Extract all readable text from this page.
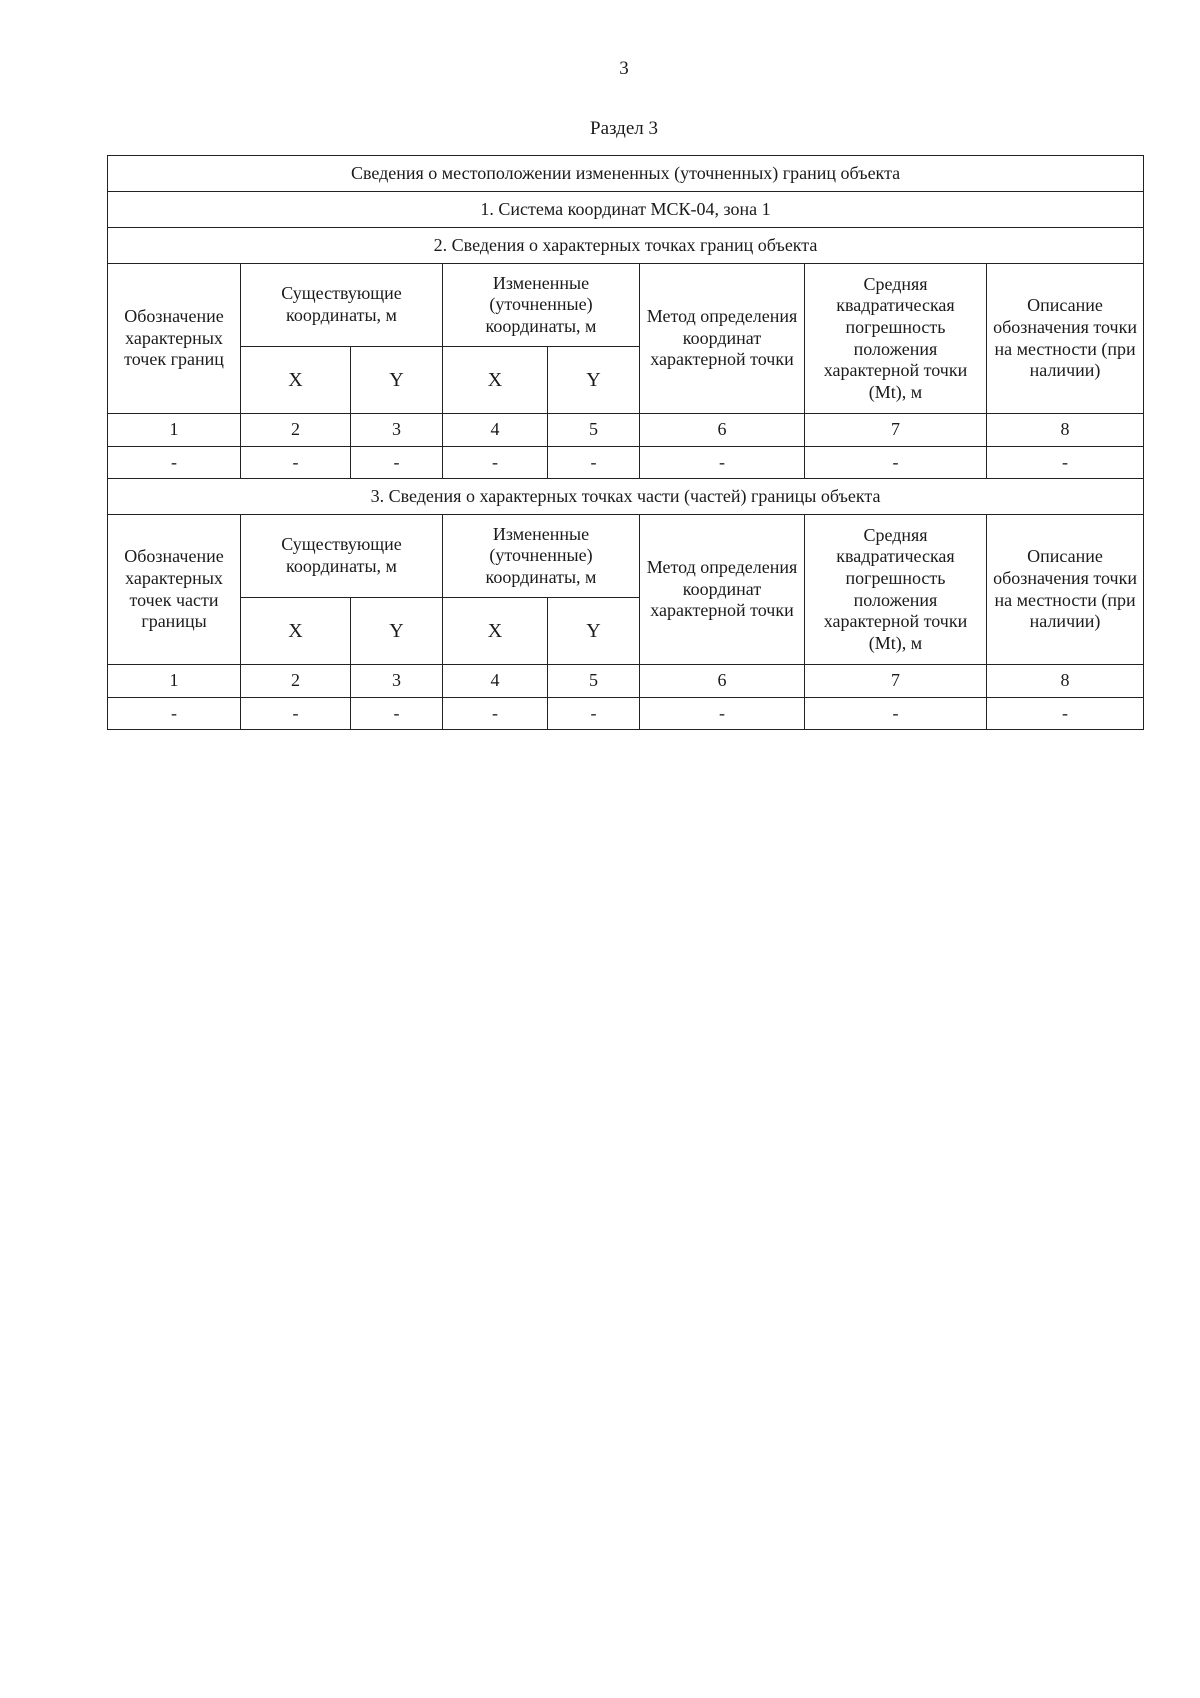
3
Раздел 3
Сведения о местоположении измененных (уточненных) границ объекта							
1. Система координат МСК-04, зона 1							
2. Сведения о характерных точках границ объекта							
Обозначение характерных точек границ	Существующие координаты, м		Измененные (уточненные) координаты, м		Метод определения координат характерной точки	Средняя квадратическая погрешность положения характерной точки (Mt), м	Описание обозначения точки на местности (при наличии)
	X	Y	X	Y			
1	2	3	4	5	6	7	8
-	-	-	-	-	-	-	-
3. Сведения о характерных точках части (частей) границы объекта							
Обозначение характерных точек части границы	Существующие координаты, м		Измененные (уточненные) координаты, м		Метод определения координат характерной точки	Средняя квадратическая погрешность положения характерной точки (Mt), м	Описание обозначения точки на местности (при наличии)
	X	Y	X	Y			
1	2	3	4	5	6	7	8
-	-	-	-	-	-	-	-
